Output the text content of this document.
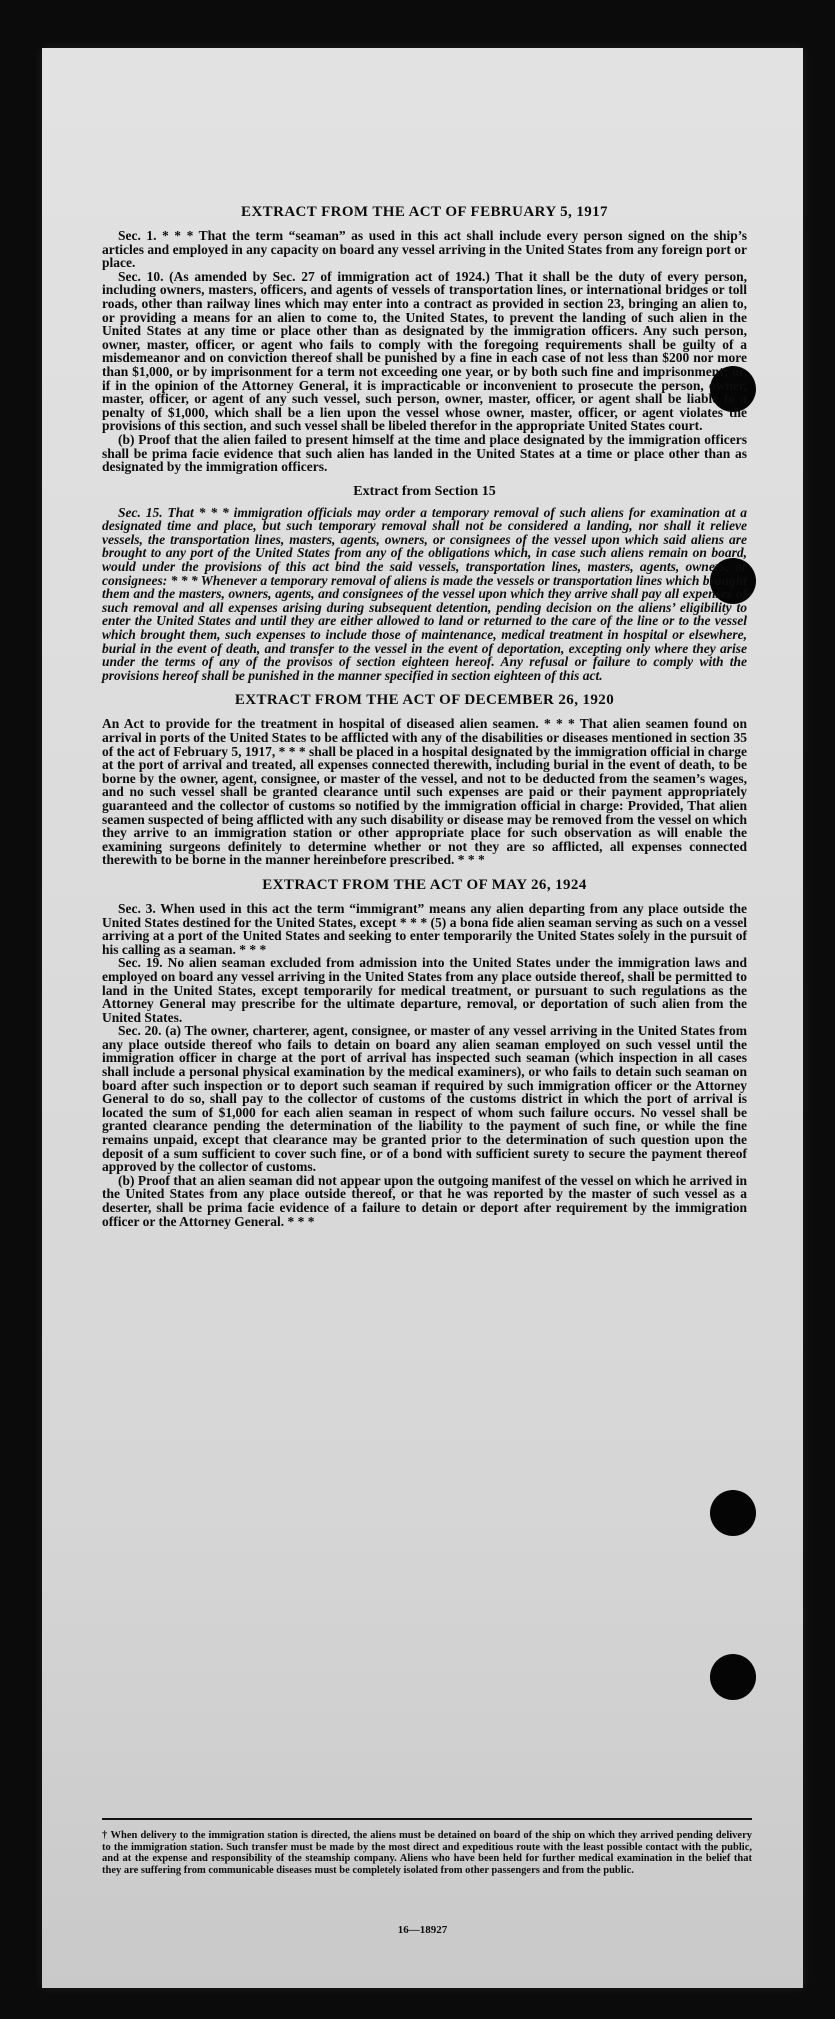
EXTRACT FROM THE ACT OF FEBRUARY 5, 1917

Sec. 1. * * * That the term “seaman” as used in this act shall include every person signed on the ship’s articles and employed in any capacity on board any vessel arriving in the United States from any foreign port or place.

Sec. 10. (As amended by Sec. 27 of immigration act of 1924.) That it shall be the duty of every person, including owners, masters, officers, and agents of vessels of transportation lines, or international bridges or toll roads, other than railway lines which may enter into a contract as provided in section 23, bringing an alien to, or providing a means for an alien to come to, the United States, to prevent the landing of such alien in the United States at any time or place other than as designated by the immigration officers. Any such person, owner, master, officer, or agent who fails to comply with the foregoing requirements shall be guilty of a misdemeanor and on conviction thereof shall be punished by a fine in each case of not less than $200 nor more than $1,000, or by imprisonment for a term not exceeding one year, or by both such fine and imprisonment; or, if in the opinion of the Attorney General, it is impracticable or inconvenient to prosecute the person, owner, master, officer, or agent of any such vessel, such person, owner, master, officer, or agent shall be liable to a penalty of $1,000, which shall be a lien upon the vessel whose owner, master, officer, or agent violates the provisions of this section, and such vessel shall be libeled therefor in the appropriate United States court.

(b) Proof that the alien failed to present himself at the time and place designated by the immigration officers shall be prima facie evidence that such alien has landed in the United States at a time or place other than as designated by the immigration officers.

Extract from Section 15

Sec. 15. That * * * immigration officials may order a temporary removal of such aliens for examination at a designated time and place, but such temporary removal shall not be considered a landing, nor shall it relieve vessels, the transportation lines, masters, agents, owners, or consignees of the vessel upon which said aliens are brought to any port of the United States from any of the obligations which, in case such aliens remain on board, would under the provisions of this act bind the said vessels, transportation lines, masters, agents, owners, or consignees: * * * Whenever a temporary removal of aliens is made the vessels or transportation lines which brought them and the masters, owners, agents, and consignees of the vessel upon which they arrive shall pay all expenses of such removal and all expenses arising during subsequent detention, pending decision on the aliens’ eligibility to enter the United States and until they are either allowed to land or returned to the care of the line or to the vessel which brought them, such expenses to include those of maintenance, medical treatment in hospital or elsewhere, burial in the event of death, and transfer to the vessel in the event of deportation, excepting only where they arise under the terms of any of the provisos of section eighteen hereof. Any refusal or failure to comply with the provisions hereof shall be punished in the manner specified in section eighteen of this act.

EXTRACT FROM THE ACT OF DECEMBER 26, 1920

An Act to provide for the treatment in hospital of diseased alien seamen. * * * That alien seamen found on arrival in ports of the United States to be afflicted with any of the disabilities or diseases mentioned in section 35 of the act of February 5, 1917, * * * shall be placed in a hospital designated by the immigration official in charge at the port of arrival and treated, all expenses connected therewith, including burial in the event of death, to be borne by the owner, agent, consignee, or master of the vessel, and not to be deducted from the seamen’s wages, and no such vessel shall be granted clearance until such expenses are paid or their payment appropriately guaranteed and the collector of customs so notified by the immigration official in charge: Provided, That alien seamen suspected of being afflicted with any such disability or disease may be removed from the vessel on which they arrive to an immigration station or other appropriate place for such observation as will enable the examining surgeons definitely to determine whether or not they are so afflicted, all expenses connected therewith to be borne in the manner hereinbefore prescribed. * * *

EXTRACT FROM THE ACT OF MAY 26, 1924

Sec. 3. When used in this act the term “immigrant” means any alien departing from any place outside the United States destined for the United States, except * * * (5) a bona fide alien seaman serving as such on a vessel arriving at a port of the United States and seeking to enter temporarily the United States solely in the pursuit of his calling as a seaman. * * *

Sec. 19. No alien seaman excluded from admission into the United States under the immigration laws and employed on board any vessel arriving in the United States from any place outside thereof, shall be permitted to land in the United States, except temporarily for medical treatment, or pursuant to such regulations as the Attorney General may prescribe for the ultimate departure, removal, or deportation of such alien from the United States.

Sec. 20. (a) The owner, charterer, agent, consignee, or master of any vessel arriving in the United States from any place outside thereof who fails to detain on board any alien seaman employed on such vessel until the immigration officer in charge at the port of arrival has inspected such seaman (which inspection in all cases shall include a personal physical examination by the medical examiners), or who fails to detain such seaman on board after such inspection or to deport such seaman if required by such immigration officer or the Attorney General to do so, shall pay to the collector of customs of the customs district in which the port of arrival is located the sum of $1,000 for each alien seaman in respect of whom such failure occurs. No vessel shall be granted clearance pending the determination of the liability to the payment of such fine, or while the fine remains unpaid, except that clearance may be granted prior to the determination of such question upon the deposit of a sum sufficient to cover such fine, or of a bond with sufficient surety to secure the payment thereof approved by the collector of customs.

(b) Proof that an alien seaman did not appear upon the outgoing manifest of the vessel on which he arrived in the United States from any place outside thereof, or that he was reported by the master of such vessel as a deserter, shall be prima facie evidence of a failure to detain or deport after requirement by the immigration officer or the Attorney General. * * *

† When delivery to the immigration station is directed, the aliens must be detained on board of the ship on which they arrived pending delivery to the immigration station. Such transfer must be made by the most direct and expeditious route with the least possible contact with the public, and at the expense and responsibility of the steamship company. Aliens who have been held for further medical examination in the belief that they are suffering from communicable diseases must be completely isolated from other passengers and from the public.
16—18927
